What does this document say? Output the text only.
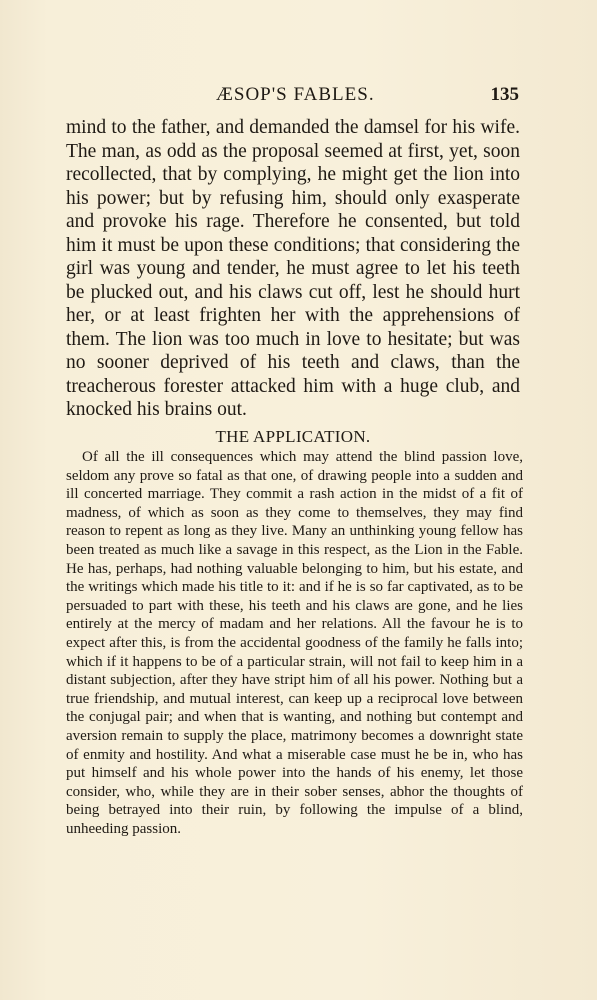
ÆSOP'S FABLES.	135

mind to the father, and demanded the damsel for his wife. The man, as odd as the proposal seemed at first, yet, soon recollected, that by complying, he might get the lion into his power; but by refusing him, should only exasperate and provoke his rage. Therefore he consented, but told him it must be upon these conditions; that considering the girl was young and tender, he must agree to let his teeth be plucked out, and his claws cut off, lest he should hurt her, or at least frighten her with the apprehensions of them. The lion was too much in love to hesitate; but was no sooner deprived of his teeth and claws, than the treacherous forester attacked him with a huge club, and knocked his brains out.

THE APPLICATION.

Of all the ill consequences which may attend the blind passion love, seldom any prove so fatal as that one, of drawing people into a sudden and ill concerted marriage. They commit a rash action in the midst of a fit of madness, of which as soon as they come to themselves, they may find reason to repent as long as they live. Many an unthinking young fellow has been treated as much like a savage in this respect, as the Lion in the Fable. He has, perhaps, had nothing valuable belonging to him, but his estate, and the writings which made his title to it: and if he is so far captivated, as to be persuaded to part with these, his teeth and his claws are gone, and he lies entirely at the mercy of madam and her relations. All the favour he is to expect after this, is from the accidental goodness of the family he falls into; which if it happens to be of a particular strain, will not fail to keep him in a distant subjection, after they have stript him of all his power. Nothing but a true friendship, and mutual interest, can keep up a reciprocal love between the conjugal pair; and when that is wanting, and nothing but contempt and aversion remain to supply the place, matrimony becomes a downright state of enmity and hostility. And what a miserable case must he be in, who has put himself and his whole power into the hands of his enemy, let those consider, who, while they are in their sober senses, abhor the thoughts of being betrayed into their ruin, by following the impulse of a blind, unheeding passion.
